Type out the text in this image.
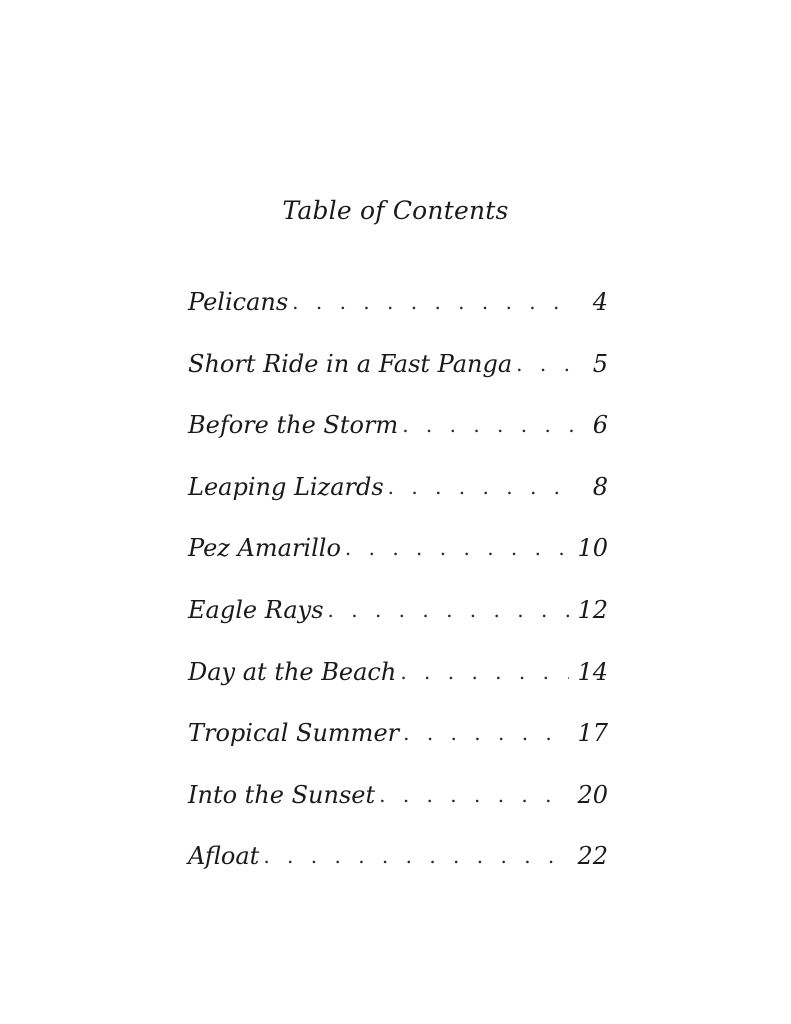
Table of Contents
Pelicans . . .	4
Short Ride in a Fast Panga . . .	5
Before the Storm . . .	6
Leaping Lizards . . .	8
Pez Amarillo . . .	10
Eagle Rays . . .	12
Day at the Beach . . .	14
Tropical Summer . . .	17
Into the Sunset . . .	20
Afloat . . .	22
